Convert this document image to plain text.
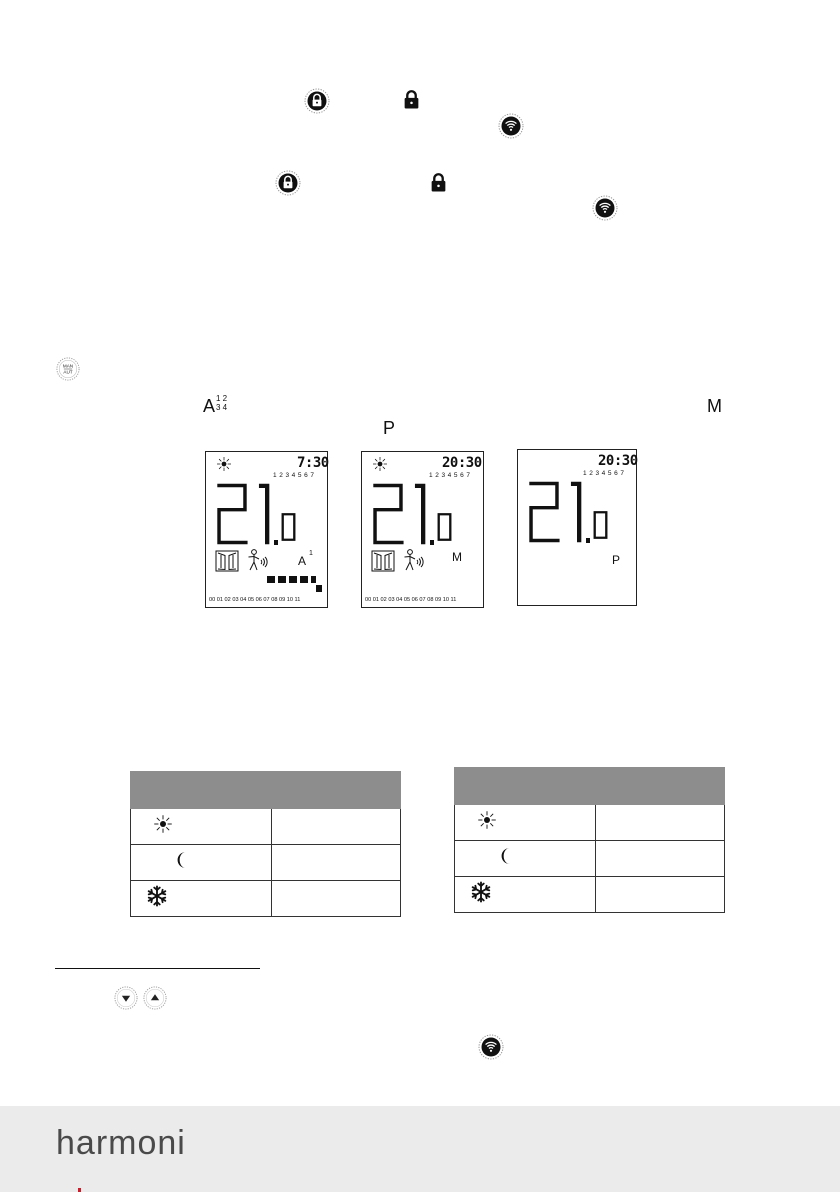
A 1 2
3 4	M
P
7:30
1 2 3 4 5 6 7
A
1
00 01 02 03 04 05 06 07 08 09 10 11
20:30
1 2 3 4 5 6 7
M
00 01 02 03 04 05 06 07 08 09 10 11
20:30
1 2 3 4 5 6 7
P

harmoni
